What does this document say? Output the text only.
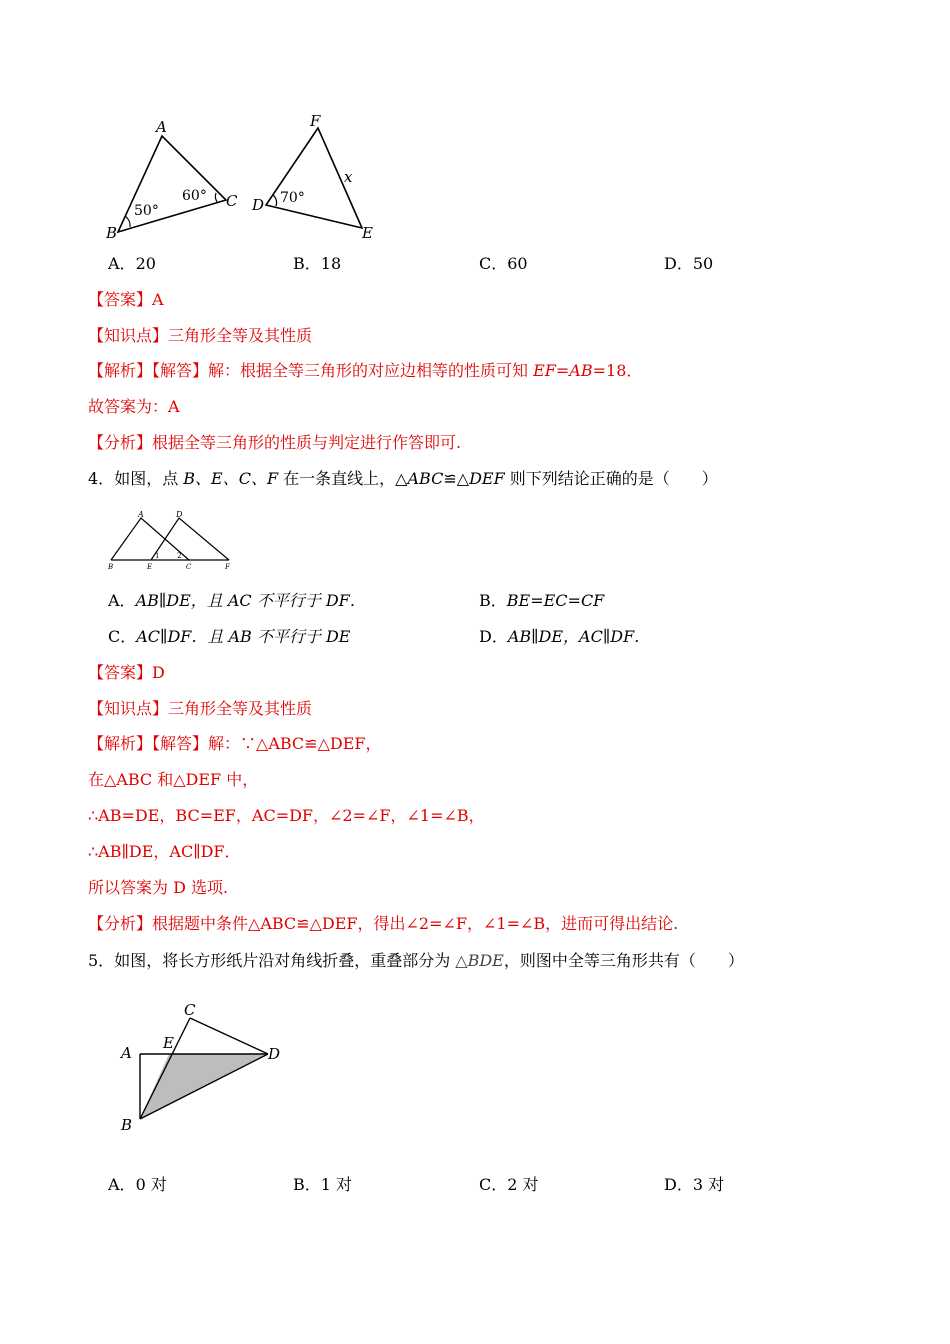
A
B
C
50°
60°
F
D
E
x
70°
A．20	B．18	C．60	D．50
【答案】A
【知识点】三角形全等及其性质
【解析】【解答】解：根据全等三角形的对应边相等的性质可知 EF=AB=18．
故答案为：A
【分析】根据全等三角形的性质与判定进行作答即可.
4．如图，点 B、E、C、F 在一条直线上，△ABC≌△DEF 则下列结论正确的是（　　）
A	D
B	E	C	F
1	2
A．AB∥DE，且 AC 不平行于 DF．	B．BE=EC=CF
C．AC∥DF．且 AB 不平行于 DE	D．AB∥DE，AC∥DF．
【答案】D
【知识点】三角形全等及其性质
【解析】【解答】解：∵△ABC≌△DEF，
在△ABC 和△DEF 中，
∴AB=DE，BC=EF，AC=DF，∠2=∠F，∠1=∠B，
∴AB∥DE，AC∥DF．
所以答案为 D 选项.
【分析】根据题中条件△ABC≌△DEF，得出∠2=∠F，∠1=∠B，进而可得出结论.
5．如图，将长方形纸片沿对角线折叠，重叠部分为 △BDE，则图中全等三角形共有（　　）
C
E
A	D
B
A．0 对	B．1 对	C．2 对	D．3 对
